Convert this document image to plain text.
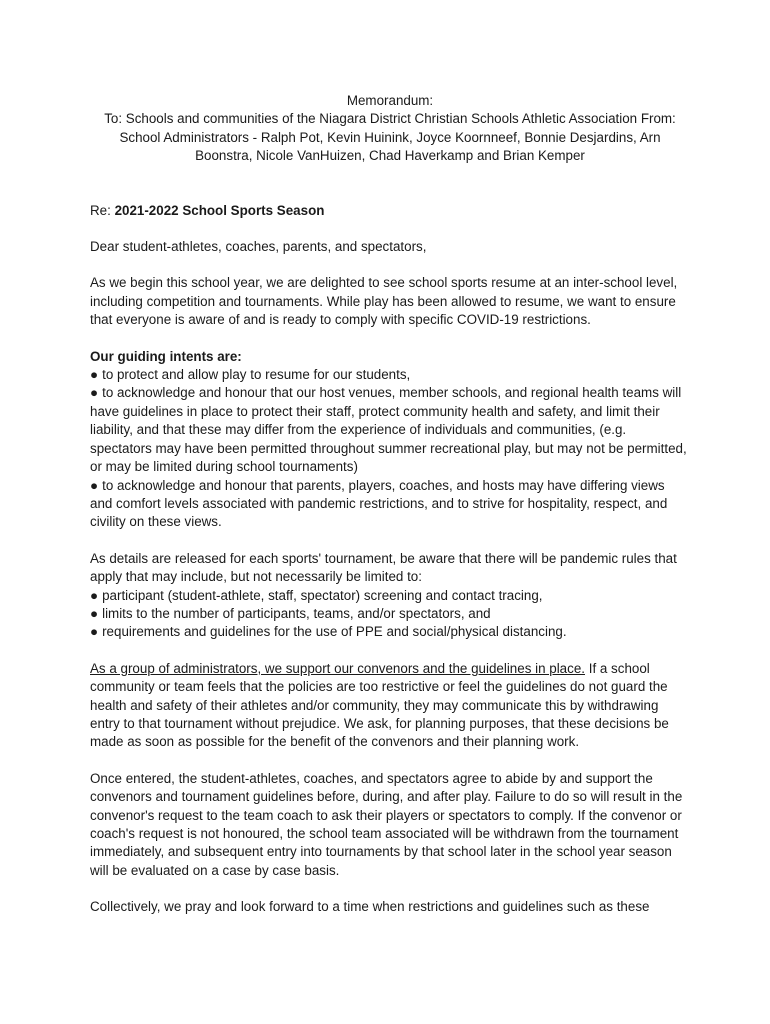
Memorandum:

To: Schools and communities of the Niagara District Christian Schools Athletic Association From: School Administrators - Ralph Pot, Kevin Huinink, Joyce Koornneef, Bonnie Desjardins, Arn Boonstra, Nicole VanHuizen, Chad Haverkamp and Brian Kemper

Re: 2021-2022 School Sports Season

Dear student-athletes, coaches, parents, and spectators,

As we begin this school year, we are delighted to see school sports resume at an inter-school level, including competition and tournaments. While play has been allowed to resume, we want to ensure that everyone is aware of and is ready to comply with specific COVID-19 restrictions.

Our guiding intents are:
● to protect and allow play to resume for our students,
● to acknowledge and honour that our host venues, member schools, and regional health teams will have guidelines in place to protect their staff, protect community health and safety, and limit their liability, and that these may differ from the experience of individuals and communities, (e.g. spectators may have been permitted throughout summer recreational play, but may not be permitted, or may be limited during school tournaments)
● to acknowledge and honour that parents, players, coaches, and hosts may have differing views and comfort levels associated with pandemic restrictions, and to strive for hospitality, respect, and civility on these views.
As details are released for each sports' tournament, be aware that there will be pandemic rules that apply that may include, but not necessarily be limited to:
● participant (student-athlete, staff, spectator) screening and contact tracing,
● limits to the number of participants, teams, and/or spectators, and
● requirements and guidelines for the use of PPE and social/physical distancing.

As a group of administrators, we support our convenors and the guidelines in place. If a school community or team feels that the policies are too restrictive or feel the guidelines do not guard the health and safety of their athletes and/or community, they may communicate this by withdrawing entry to that tournament without prejudice. We ask, for planning purposes, that these decisions be made as soon as possible for the benefit of the convenors and their planning work.

Once entered, the student-athletes, coaches, and spectators agree to abide by and support the convenors and tournament guidelines before, during, and after play. Failure to do so will result in the convenor's request to the team coach to ask their players or spectators to comply. If the convenor or coach's request is not honoured, the school team associated will be withdrawn from the tournament immediately, and subsequent entry into tournaments by that school later in the school year season will be evaluated on a case by case basis.

Collectively, we pray and look forward to a time when restrictions and guidelines such as these
